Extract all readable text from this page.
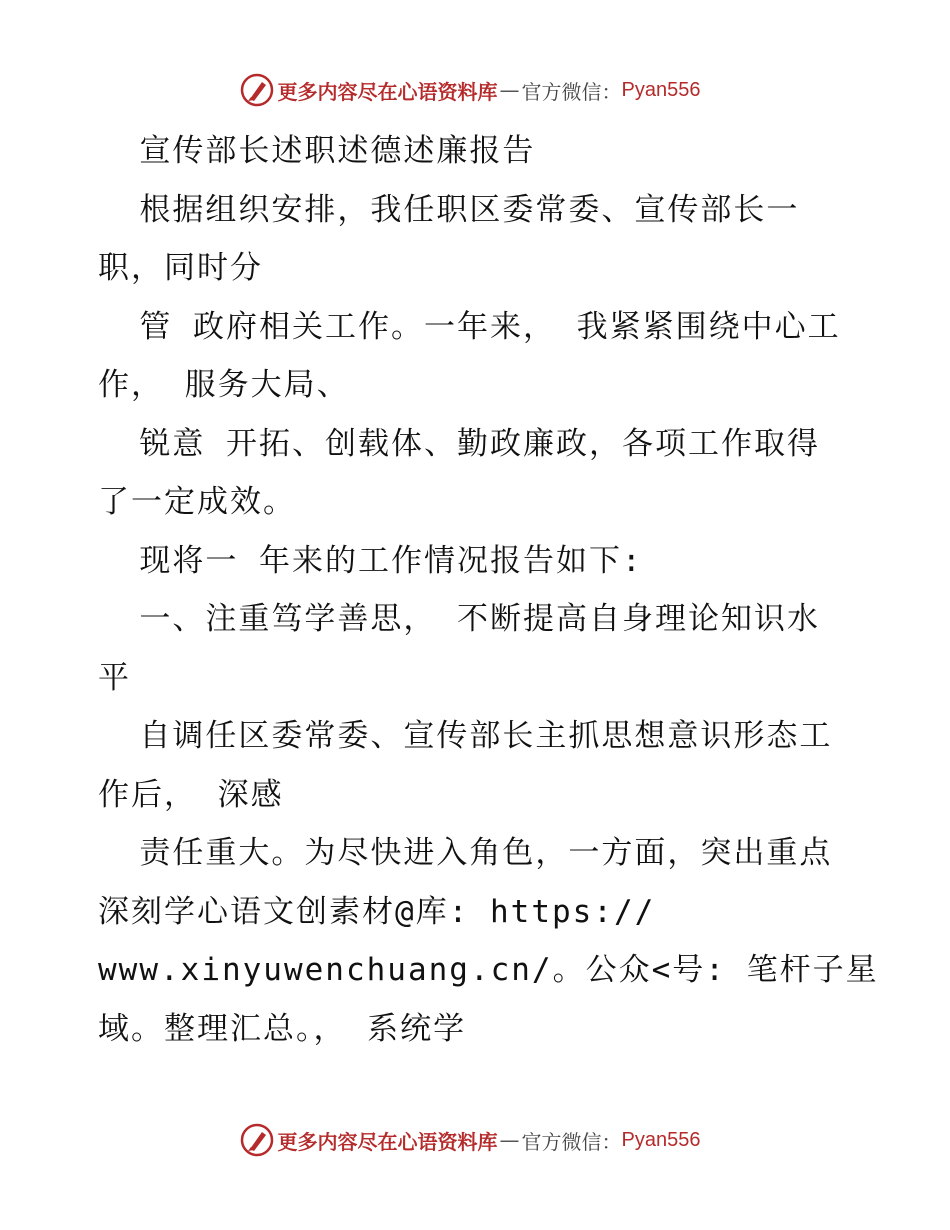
更多内容尽在心语资料库 — 官方微信： Pyan556
宣传部长述职述德述廉报告
根据组织安排，我任职区委常委、宣传部长一
职，同时分
管 政府相关工作。一年来， 我紧紧围绕中心工
作， 服务大局、
锐意 开拓、创载体、勤政廉政，各项工作取得
了一定成效。
现将一 年来的工作情况报告如下:
一、注重笃学善思， 不断提高自身理论知识水
平
自调任区委常委、宣传部长主抓思想意识形态工
作后， 深感
责任重大。为尽快进入角色，一方面，突出重点
深刻学心语文创素材@库: https://
www.xinyuwenchuang.cn/。公众<号: 笔杆子星
域。整理汇总。， 系统学
更多内容尽在心语资料库 — 官方微信： Pyan556
